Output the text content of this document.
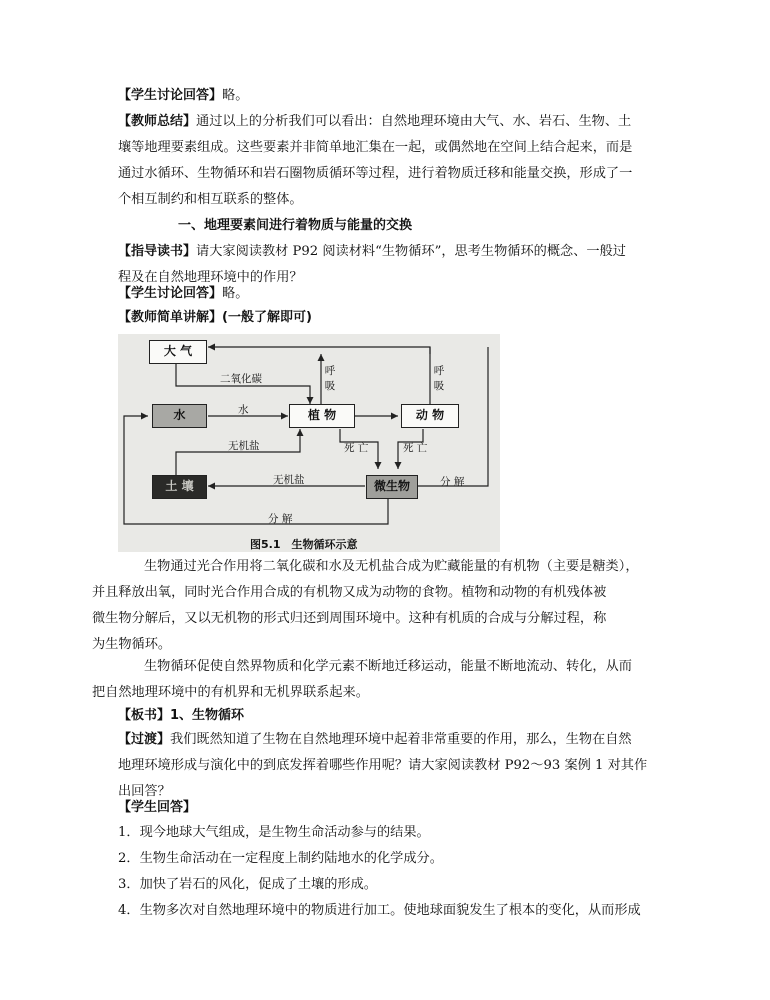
【学生讨论回答】略。

【教师总结】通过以上的分析我们可以看出：自然地理环境由大气、水、岩石、生物、土
壤等地理要素组成。这些要素并非简单地汇集在一起，或偶然地在空间上结合起来，而是
通过水循环、生物循环和岩石圈物质循环等过程，进行着物质迁移和能量交换，形成了一
个相互制约和相互联系的整体。

一、地理要素间进行着物质与能量的交换

【指导读书】请大家阅读教材 P92 阅读材料“生物循环”，思考生物循环的概念、一般过
程及在自然地理环境中的作用？

【学生讨论回答】略。

【教师简单讲解】(一般了解即可)

大 气
水	植 物	动 物
土 壤	微生物
二氧化碳
水
无机盐
无机盐
呼吸
呼吸
死 亡	死 亡
分 解
分 解
图5.1　生物循环示意

生物通过光合作用将二氧化碳和水及无机盐合成为贮藏能量的有机物（主要是糖类），
并且释放出氧，同时光合作用合成的有机物又成为动物的食物。植物和动物的有机残体被
微生物分解后，又以无机物的形式归还到周围环境中。这种有机质的合成与分解过程，称
为生物循环。

生物循环促使自然界物质和化学元素不断地迁移运动，能量不断地流动、转化，从而
把自然地理环境中的有机界和无机界联系起来。

【板书】1、生物循环

【过渡】我们既然知道了生物在自然地理环境中起着非常重要的作用，那么，生物在自然
地理环境形成与演化中的到底发挥着哪些作用呢？请大家阅读教材 P92～93 案例 1 对其作
出回答？

【学生回答】

1．现今地球大气组成，是生物生命活动参与的结果。
2．生物生命活动在一定程度上制约陆地水的化学成分。
3．加快了岩石的风化，促成了土壤的形成。
4．生物多次对自然地理环境中的物质进行加工。使地球面貌发生了根本的变化，从而形成
